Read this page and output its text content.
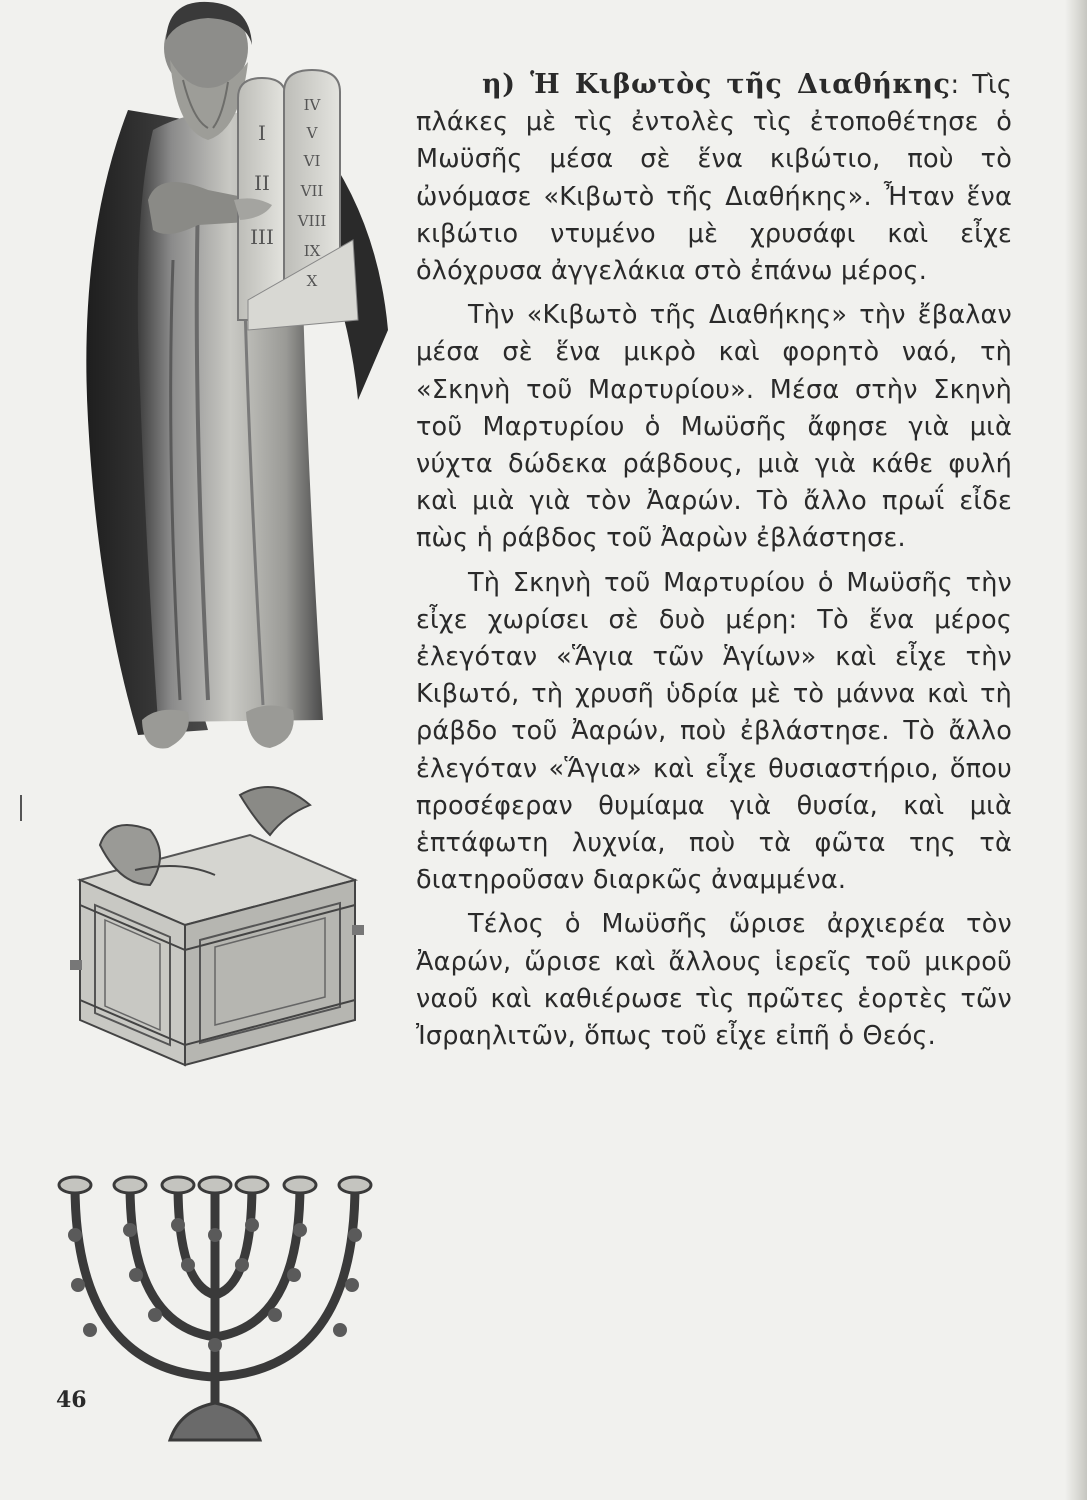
I
II
III
IV
V
VI
VII
VIII
IX
X

η) Ἡ Κιβωτὸς τῆς Διαθήκης: Τὶς πλάκες μὲ τὶς ἐντολὲς τὶς ἐτοποθέτησε ὁ Μωϋσῆς μέσα σὲ ἕνα κιβώτιο, ποὺ τὸ ὠνόμασε «Κιβωτὸ τῆς Διαθήκης». Ἦταν ἕνα κιβώτιο ντυμένο μὲ χρυσάφι καὶ εἶχε ὁλόχρυσα ἀγγελάκια στὸ ἐπάνω μέρος.

Τὴν «Κιβωτὸ τῆς Διαθήκης» τὴν ἔβαλαν μέσα σὲ ἕνα μικρὸ καὶ φορητὸ ναό, τὴ «Σκηνὴ τοῦ Μαρτυρίου». Μέσα στὴν Σκηνὴ τοῦ Μαρτυρίου ὁ Μωϋσῆς ἄφησε γιὰ μιὰ νύχτα δώδεκα ράβδους, μιὰ γιὰ κάθε φυλή καὶ μιὰ γιὰ τὸν Ἀαρών. Τὸ ἄλλο πρωΐ εἶδε πὼς ἡ ράβδος τοῦ Ἀαρὼν ἐβλάστησε.

Τὴ Σκηνὴ τοῦ Μαρτυρίου ὁ Μωϋσῆς τὴν εἶχε χωρίσει σὲ δυὸ μέρη: Τὸ ἕνα μέρος ἐλεγόταν «Ἅγια τῶν Ἁγίων» καὶ εἶχε τὴν Κιβωτό, τὴ χρυσῆ ὑδρία μὲ τὸ μάννα καὶ τὴ ράβδο τοῦ Ἀαρών, ποὺ ἐβλάστησε. Τὸ ἄλλο ἐλεγόταν «Ἅγια» καὶ εἶχε θυσιαστήριο, ὅπου προσέφεραν θυμίαμα γιὰ θυσία, καὶ μιὰ ἑπτάφωτη λυχνία, ποὺ τὰ φῶτα της τὰ διατηροῦσαν διαρκῶς ἀναμμένα.

Τέλος ὁ Μωϋσῆς ὥρισε ἀρχιερέα τὸν Ἀαρών, ὥρισε καὶ ἄλλους ἱερεῖς τοῦ μικροῦ ναοῦ καὶ καθιέρωσε τὶς πρῶτες ἑορτὲς τῶν Ἰσραηλιτῶν, ὅπως τοῦ εἶχε εἰπῆ ὁ Θεός.

46
